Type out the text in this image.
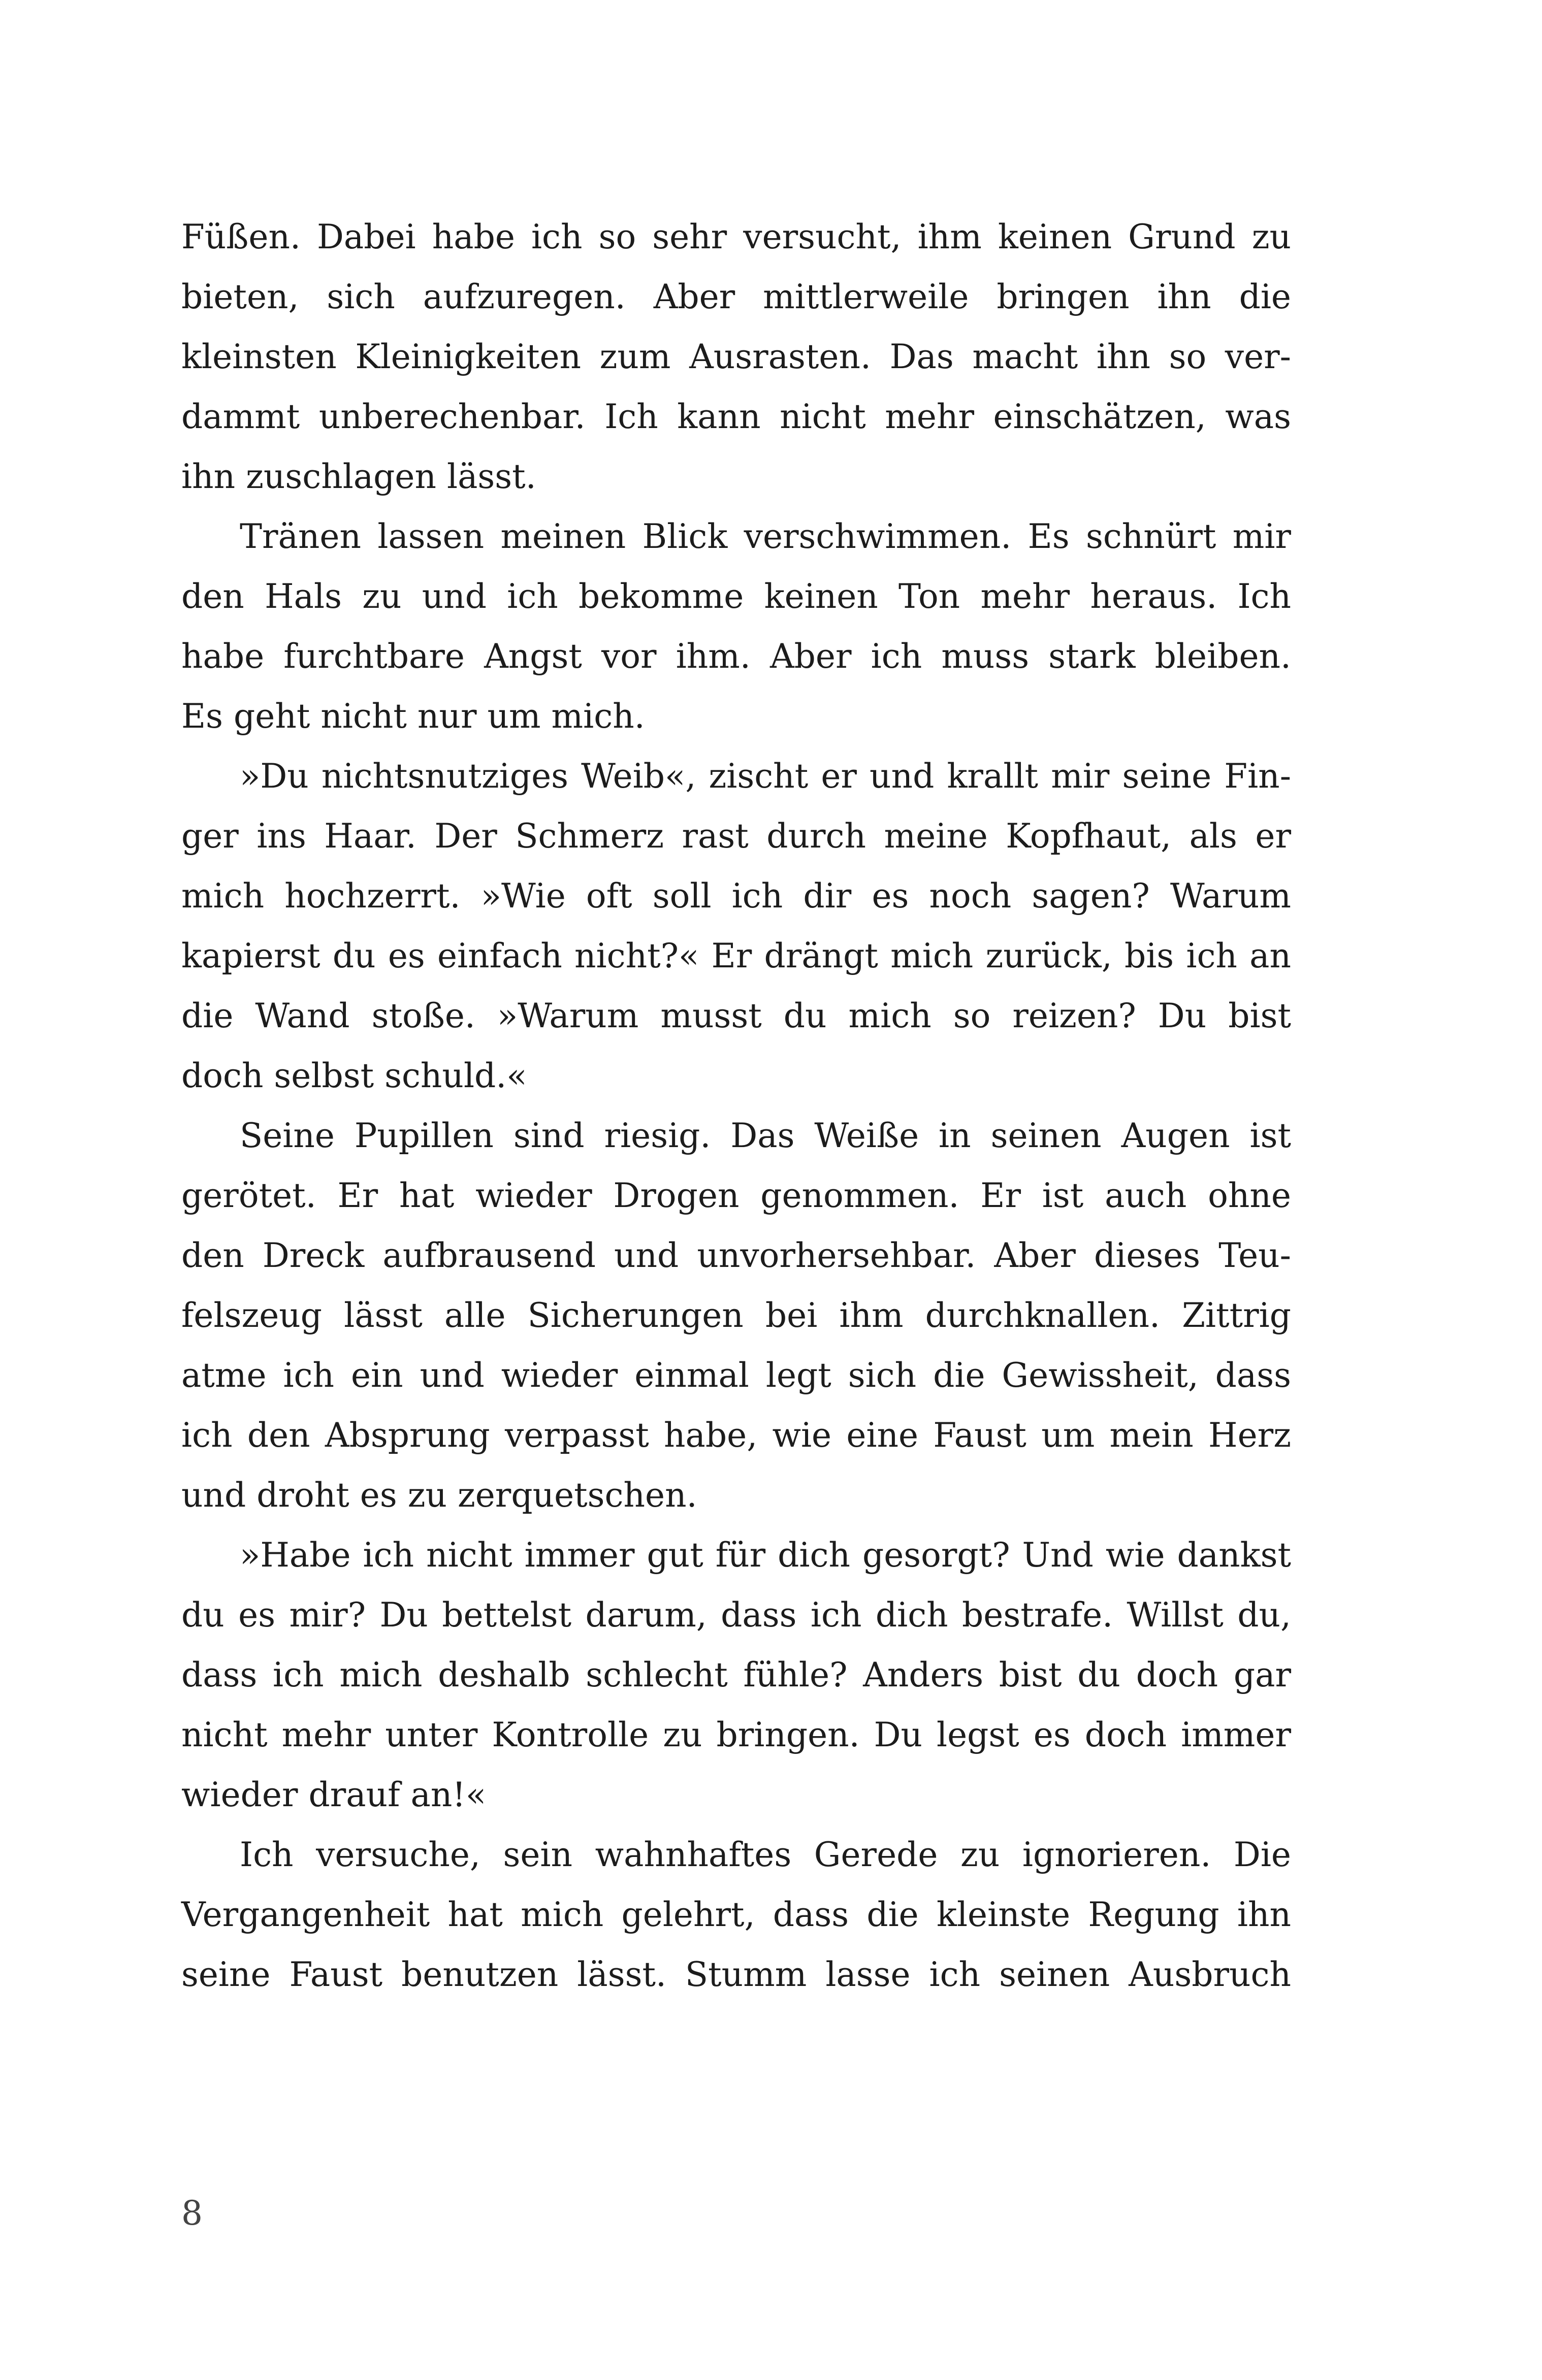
Füßen. Dabei habe ich so sehr versucht, ihm keinen Grund zu
bieten, sich aufzuregen. Aber mittlerweile bringen ihn die
kleinsten Kleinigkeiten zum Ausrasten. Das macht ihn so ver-
dammt unberechenbar. Ich kann nicht mehr einschätzen, was
ihn zuschlagen lässt.
Tränen lassen meinen Blick verschwimmen. Es schnürt mir
den Hals zu und ich bekomme keinen Ton mehr heraus. Ich
habe furchtbare Angst vor ihm. Aber ich muss stark bleiben.
Es geht nicht nur um mich.
»Du nichtsnutziges Weib«, zischt er und krallt mir seine Fin-
ger ins Haar. Der Schmerz rast durch meine Kopfhaut, als er
mich hochzerrt. »Wie oft soll ich dir es noch sagen? Warum
kapierst du es einfach nicht?« Er drängt mich zurück, bis ich an
die Wand stoße. »Warum musst du mich so reizen? Du bist
doch selbst schuld.«
Seine Pupillen sind riesig. Das Weiße in seinen Augen ist
gerötet. Er hat wieder Drogen genommen. Er ist auch ohne
den Dreck aufbrausend und unvorhersehbar. Aber dieses Teu-
felszeug lässt alle Sicherungen bei ihm durchknallen. Zittrig
atme ich ein und wieder einmal legt sich die Gewissheit, dass
ich den Absprung verpasst habe, wie eine Faust um mein Herz
und droht es zu zerquetschen.
»Habe ich nicht immer gut für dich gesorgt? Und wie dankst
du es mir? Du bettelst darum, dass ich dich bestrafe. Willst du,
dass ich mich deshalb schlecht fühle? Anders bist du doch gar
nicht mehr unter Kontrolle zu bringen. Du legst es doch immer
wieder drauf an!«
Ich versuche, sein wahnhaftes Gerede zu ignorieren. Die
Vergangenheit hat mich gelehrt, dass die kleinste Regung ihn
seine Faust benutzen lässt. Stumm lasse ich seinen Ausbruch
8
